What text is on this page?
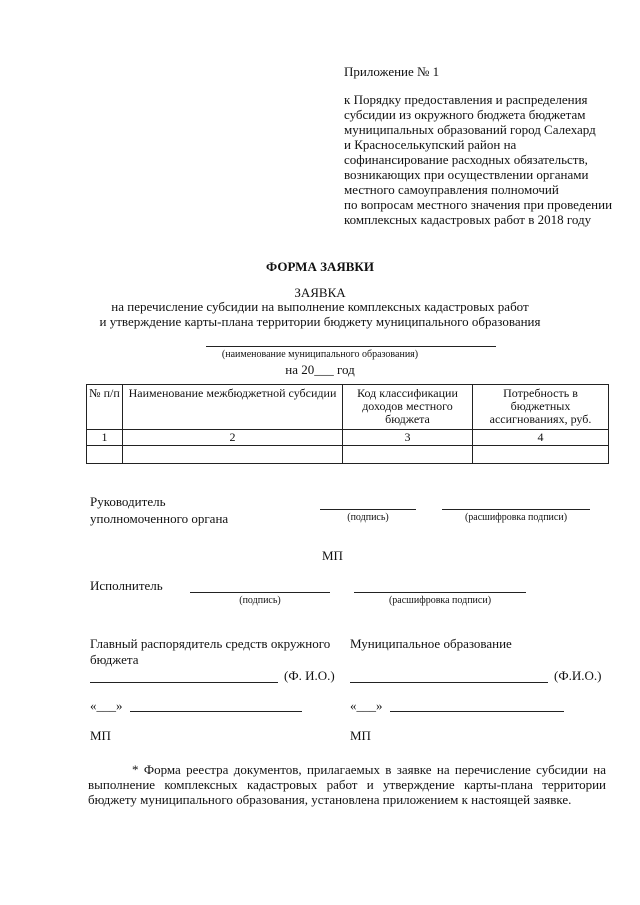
Приложение № 1
к Порядку предоставления и распределения
субсидии из окружного бюджета бюджетам
муниципальных образований город Салехард
и Красноселькупский район на
софинансирование расходных обязательств,
возникающих при осуществлении органами
местного самоуправления полномочий
по вопросам местного значения при проведении
комплексных кадастровых работ в 2018 году
ФОРМА ЗАЯВКИ
ЗАЯВКА
на перечисление субсидии на выполнение комплексных кадастровых работ
и утверждение карты-плана территории бюджету муниципального образования
(наименование муниципального образования)
на 20___ год
№ п/п	Наименование межбюджетной субсидии	Код классификации доходов местного бюджета	Потребность в бюджетных ассигнованиях, руб.
1	2	3	4

Руководитель
уполномоченного органа	(подпись)	(расшифровка подписи)
МП
Исполнитель
(подпись)	(расшифровка подписи)
Главный распорядитель средств окружного
бюджета
(Ф. И.О.)
«___»
МП
Муниципальное образование
(Ф.И.О.)
«___»
МП

* Форма реестра документов, прилагаемых в заявке на перечисление субсидии на выполнение комплексных кадастровых работ и утверждение карты-плана территории бюджету муниципального образования, установлена приложением к настоящей заявке.
